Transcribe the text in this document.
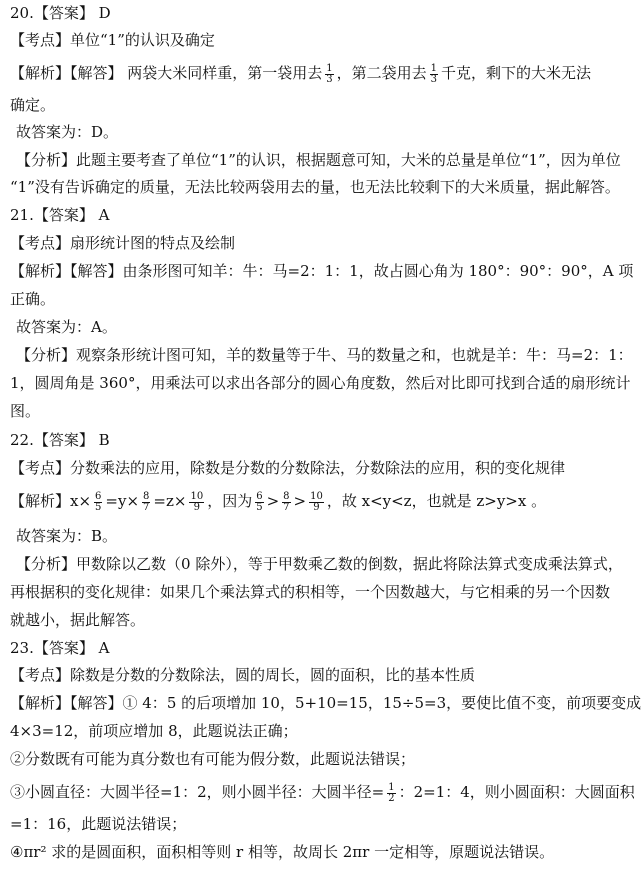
20.【答案】 D
【考点】单位“1”的认识及确定
【解析】【解答】 两袋大米同样重，第一袋用去 $\frac{1}{3}$ ，第二袋用去 $\frac{1}{3}$ 千克，剩下的大米无法
确定。
故答案为：D。
【分析】此题主要考查了单位“1”的认识，根据题意可知，大米的总量是单位“1”，因为单位
“1”没有告诉确定的质量，无法比较两袋用去的量，也无法比较剩下的大米质量，据此解答。
21.【答案】 A
【考点】扇形统计图的特点及绘制
【解析】【解答】由条形图可知羊：牛：马=2：1：1，故占圆心角为 180°：90°：90°，A 项
正确。
故答案为：A。
【分析】观察条形统计图可知，羊的数量等于牛、马的数量之和，也就是羊：牛：马=2：1：
1，圆周角是 360°，用乘法可以求出各部分的圆心角度数，然后对比即可找到合适的扇形统计
图。
22.【答案】 B
【考点】分数乘法的应用，除数是分数的分数除法，分数除法的应用，积的变化规律
【解析】$x\times \frac{6}{5} =y\times \frac{8}{7} =z\times \frac{10}{9}$ ，因为 $\frac{6}{5} > \frac{8}{7} > \frac{10}{9}$ ，故 x<y<z，也就是 z>y>x 。
故答案为：B。
【分析】甲数除以乙数（0 除外），等于甲数乘乙数的倒数，据此将除法算式变成乘法算式，
再根据积的变化规律：如果几个乘法算式的积相等，一个因数越大，与它相乘的另一个因数
就越小，据此解答。
23.【答案】 A
【考点】除数是分数的分数除法，圆的周长，圆的面积，比的基本性质
【解析】【解答】① 4：5 的后项增加 10，5+10=15，15÷5=3，要使比值不变，前项要变成
4×3=12，前项应增加 8，此题说法正确；
②分数既有可能为真分数也有可能为假分数，此题说法错误；
③小圆直径：大圆半径=1：2，则小圆半径：大圆半径= $\frac{1}{2}$ ：2=1：4，则小圆面积：大圆面积
=1：16，此题说法错误；
④πr² 求的是圆面积，面积相等则 r 相等，故周长 2πr 一定相等，原题说法错误。
